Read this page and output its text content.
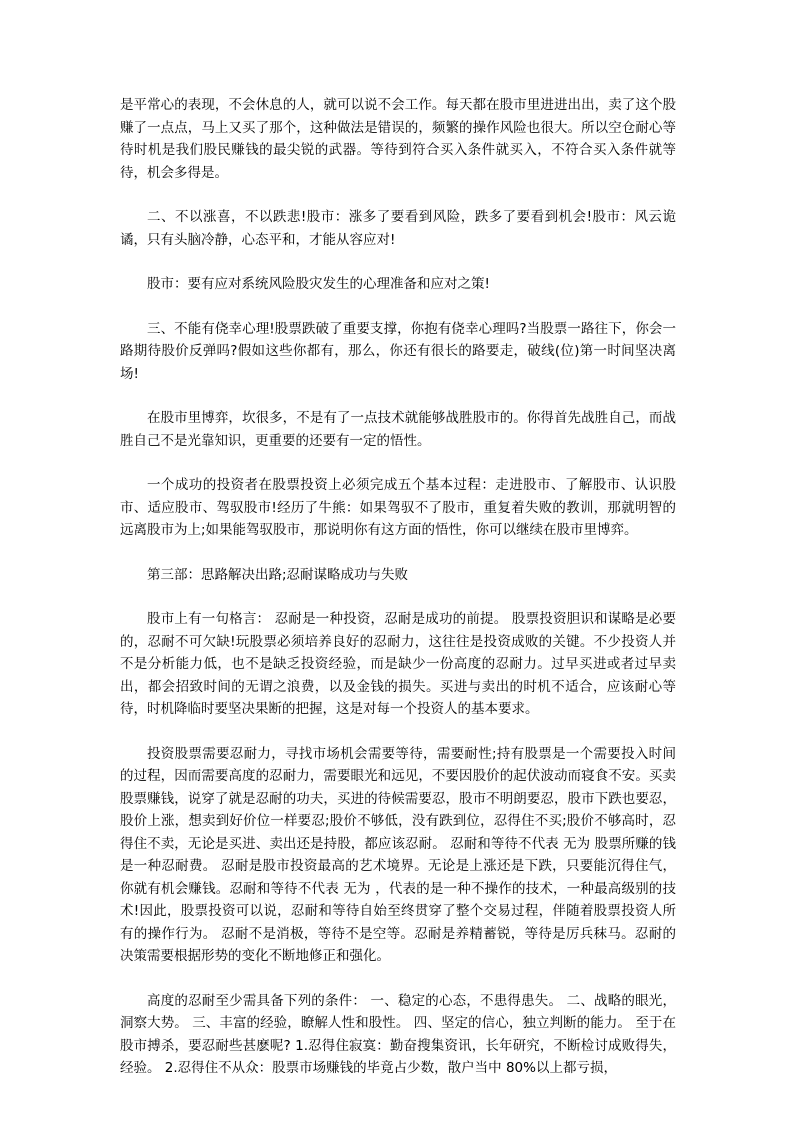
是平常心的表现，不会休息的人，就可以说不会工作。每天都在股市里进进出出，卖了这个股赚了一点点，马上又买了那个，这种做法是错误的，频繁的操作风险也很大。所以空仓耐心等待时机是我们股民赚钱的最尖锐的武器。等待到符合买入条件就买入，不符合买入条件就等待，机会多得是。

二、不以涨喜，不以跌悲!股市：涨多了要看到风险，跌多了要看到机会!股市：风云诡谲，只有头脑冷静，心态平和，才能从容应对!

股市：要有应对系统风险股灾发生的心理准备和应对之策!

三、不能有侥幸心理!股票跌破了重要支撑，你抱有侥幸心理吗?当股票一路往下，你会一路期待股价反弹吗?假如这些你都有，那么，你还有很长的路要走，破线(位)第一时间坚决离场!

在股市里博弈，坎很多，不是有了一点技术就能够战胜股市的。你得首先战胜自己，而战胜自己不是光靠知识，更重要的还要有一定的悟性。

一个成功的投资者在股票投资上必须完成五个基本过程：走进股市、了解股市、认识股市、适应股市、驾驭股市!经历了牛熊：如果驾驭不了股市，重复着失败的教训，那就明智的远离股市为上;如果能驾驭股市，那说明你有这方面的悟性，你可以继续在股市里博弈。

第三部：思路解决出路;忍耐谋略成功与失败

股市上有一句格言： 忍耐是一种投资，忍耐是成功的前提。 股票投资胆识和谋略是必要的，忍耐不可欠缺!玩股票必须培养良好的忍耐力，这往往是投资成败的关键。不少投资人并不是分析能力低，也不是缺乏投资经验，而是缺少一份高度的忍耐力。过早买进或者过早卖出，都会招致时间的无谓之浪费，以及金钱的损失。买进与卖出的时机不适合，应该耐心等待，时机降临时要坚决果断的把握，这是对每一个投资人的基本要求。

投资股票需要忍耐力，寻找市场机会需要等待，需要耐性;持有股票是一个需要投入时间的过程，因而需要高度的忍耐力，需要眼光和远见，不要因股价的起伏波动而寝食不安。买卖股票赚钱，说穿了就是忍耐的功夫，买进的待候需要忍，股市不明朗要忍，股市下跌也要忍，股价上涨，想卖到好价位一样要忍;股价不够低，没有跌到位，忍得住不买;股价不够高时，忍得住不卖，无论是买进、卖出还是持股，都应该忍耐。 忍耐和等待不代表 无为 股票所赚的钱是一种忍耐费。 忍耐是股市投资最高的艺术境界。无论是上涨还是下跌，只要能沉得住气，你就有机会赚钱。忍耐和等待不代表 无为 ，代表的是一种不操作的技术，一种最高级别的技术!因此，股票投资可以说，忍耐和等待自始至终贯穿了整个交易过程，伴随着股票投资人所有的操作行为。 忍耐不是消极，等待不是空等。忍耐是养精蓄锐，等待是厉兵秣马。忍耐的决策需要根据形势的变化不断地修正和强化。

高度的忍耐至少需具备下列的条件： 一、稳定的心态，不患得患失。 二、战略的眼光，洞察大势。 三、丰富的经验，瞭解人性和股性。 四、坚定的信心，独立判断的能力。 至于在股市搏杀，要忍耐些甚麽呢? 1.忍得住寂寞：勤奋搜集资讯，长年研究，不断检讨成败得失，经验。 2.忍得住不从众：股票市场赚钱的毕竟占少数，散户当中 80%以上都亏损，
